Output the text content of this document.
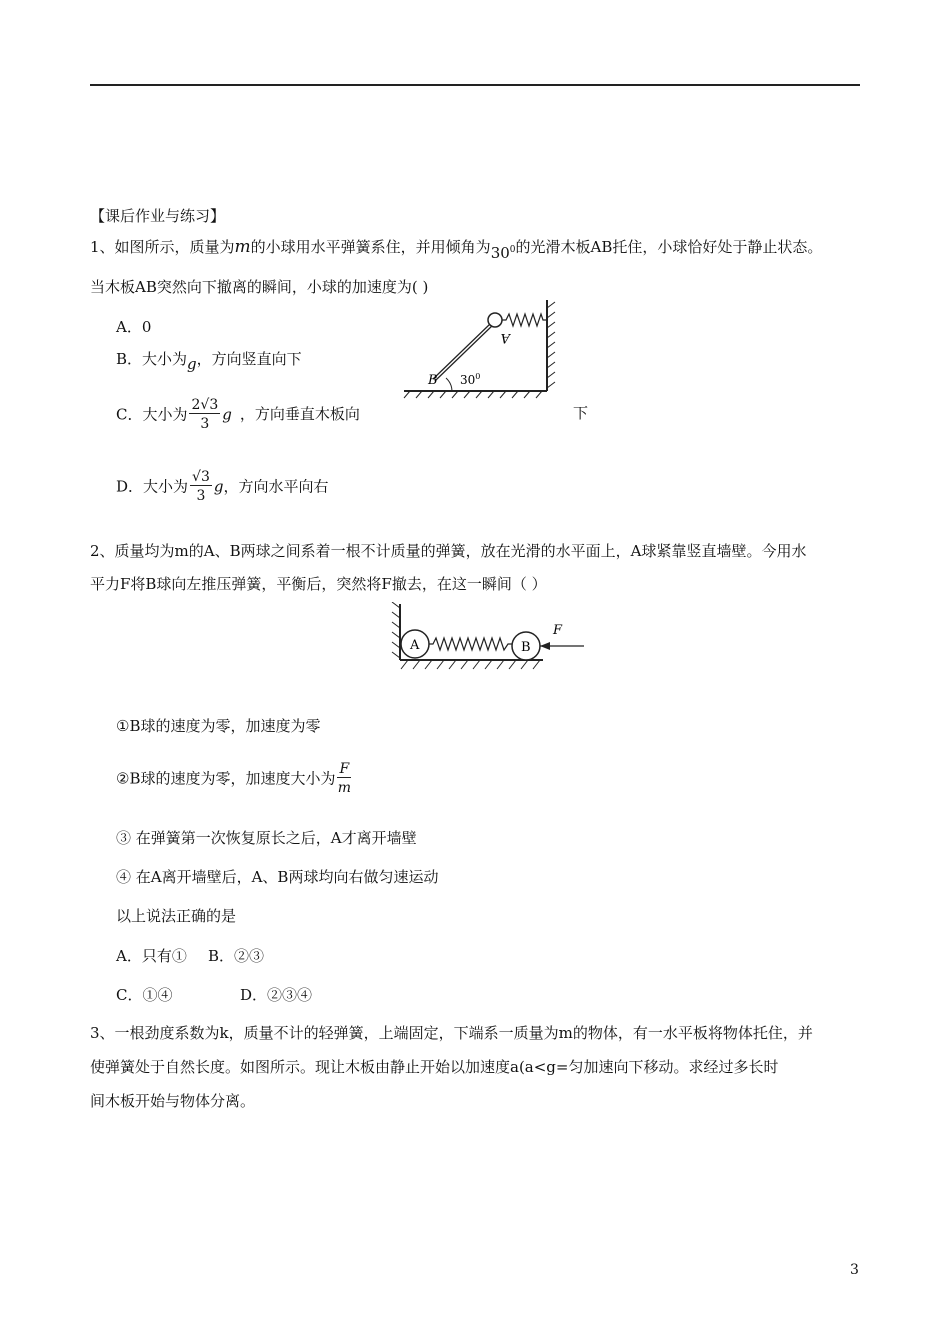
【课后作业与练习】
1、如图所示，质量为m的小球用水平弹簧系住，并用倾角为$30^0$的光滑木板AB托住，小球恰好处于静止状态。
当木板AB突然向下撤离的瞬间，小球的加速度为( )
A．0
B．大小为g，方向竖直向下
C．大小为 $\frac{2√3}{3}$ g ，方向垂直木板向	下
D．大小为 $\frac{√3}{3}$ g，方向水平向右
A
B $30^0$
2、质量均为m的A、B两球之间系着一根不计质量的弹簧，放在光滑的水平面上，A球紧靠竖直墙壁。今用水
平力F将B球向左推压弹簧，平衡后，突然将F撤去，在这一瞬间（ ）
A	B
F
①B球的速度为零，加速度为零
②B球的速度为零，加速度大小为 $\frac{F}{m}$
③ 在弹簧第一次恢复原长之后，A才离开墙壁
④ 在A离开墙壁后，A、B两球均向右做匀速运动
以上说法正确的是
A．只有① B．②③
C．①④	D．②③④
3、一根劲度系数为k，质量不计的轻弹簧，上端固定，下端系一质量为m的物体，有一水平板将物体托住，并
使弹簧处于自然长度。如图所示。现让木板由静止开始以加速度a(a<g=匀加速向下移动。求经过多长时
间木板开始与物体分离。
3
